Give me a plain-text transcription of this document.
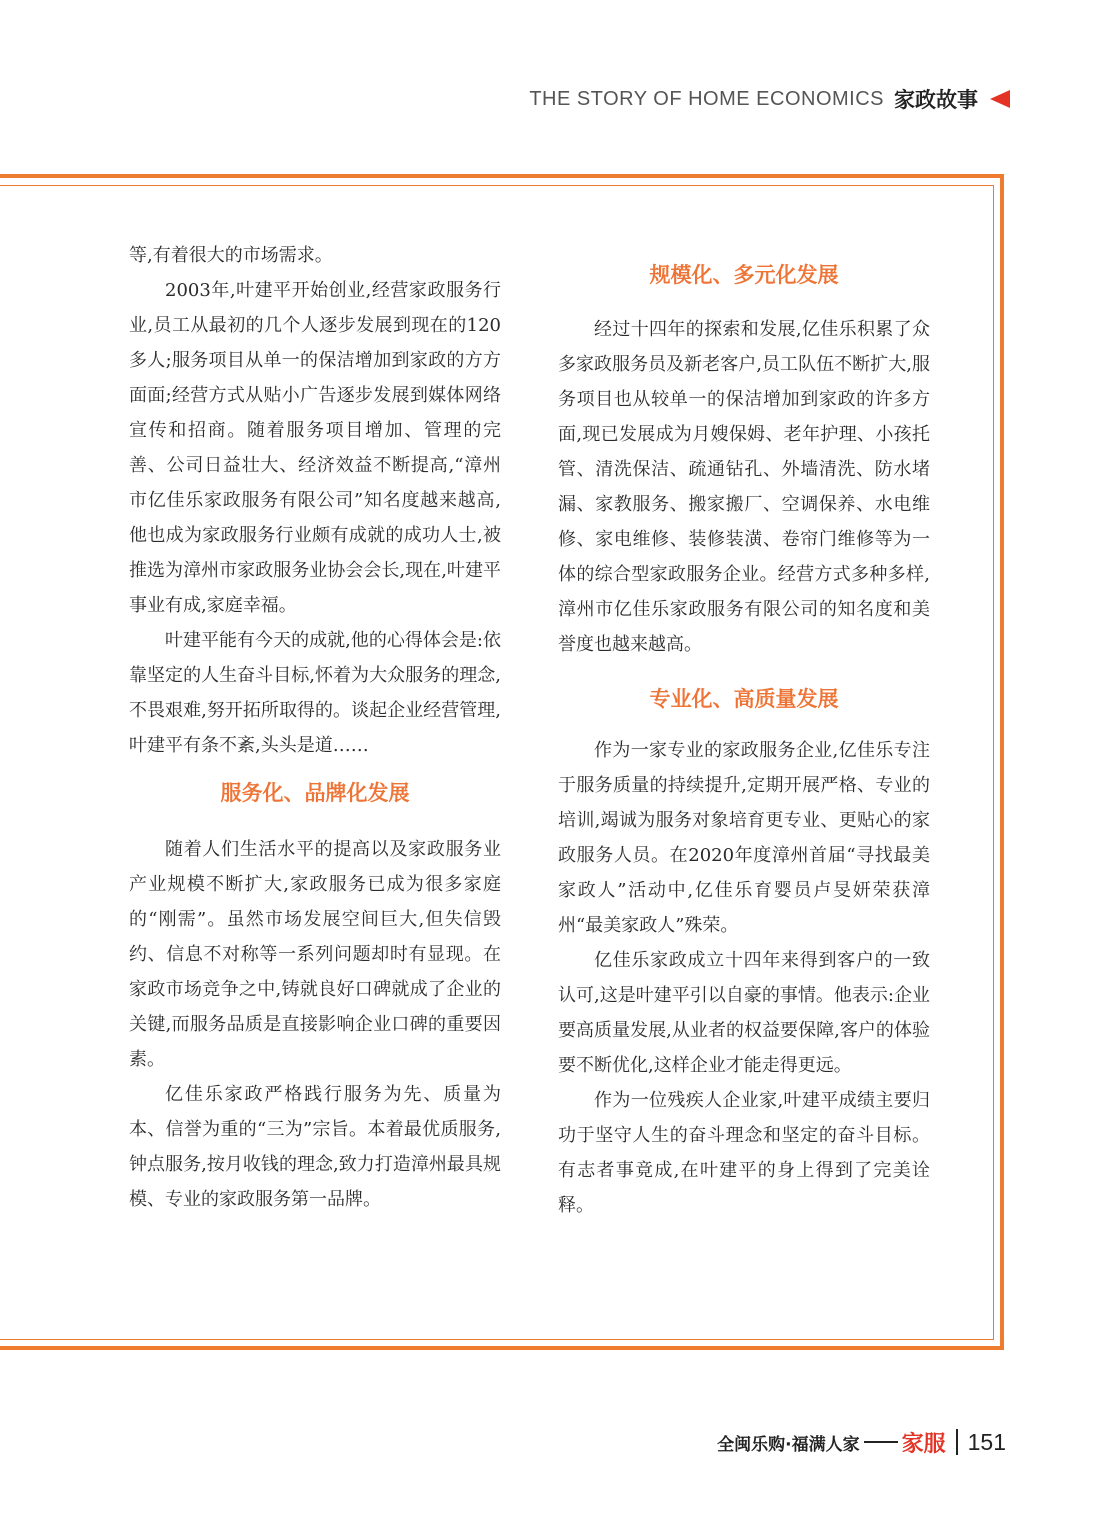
THE STORY OF HOME ECONOMICS 家政故事

等,有着很大的市场需求。

2003年,叶建平开始创业,经营家政服务行业,员工从最初的几个人逐步发展到现在的120多人;服务项目从单一的保洁增加到家政的方方面面;经营方式从贴小广告逐步发展到媒体网络宣传和招商。随着服务项目增加、管理的完善、公司日益壮大、经济效益不断提高,“漳州市亿佳乐家政服务有限公司”知名度越来越高,他也成为家政服务行业颇有成就的成功人士,被推选为漳州市家政服务业协会会长,现在,叶建平事业有成,家庭幸福。

叶建平能有今天的成就,他的心得体会是:依靠坚定的人生奋斗目标,怀着为大众服务的理念,不畏艰难,努开拓所取得的。谈起企业经营管理,叶建平有条不紊,头头是道……

服务化、品牌化发展

随着人们生活水平的提高以及家政服务业产业规模不断扩大,家政服务已成为很多家庭的“刚需”。虽然市场发展空间巨大,但失信毁约、信息不对称等一系列问题却时有显现。在家政市场竞争之中,铸就良好口碑就成了企业的关键,而服务品质是直接影响企业口碑的重要因素。

亿佳乐家政严格践行服务为先、质量为本、信誉为重的“三为”宗旨。本着最优质服务,钟点服务,按月收钱的理念,致力打造漳州最具规模、专业的家政服务第一品牌。

规模化、多元化发展

经过十四年的探索和发展,亿佳乐积累了众多家政服务员及新老客户,员工队伍不断扩大,服务项目也从较单一的保洁增加到家政的许多方面,现已发展成为月嫂保姆、老年护理、小孩托管、清洗保洁、疏通钻孔、外墙清洗、防水堵漏、家教服务、搬家搬厂、空调保养、水电维修、家电维修、装修装潢、卷帘门维修等为一体的综合型家政服务企业。经营方式多种多样,漳州市亿佳乐家政服务有限公司的知名度和美誉度也越来越高。

专业化、高质量发展

作为一家专业的家政服务企业,亿佳乐专注于服务质量的持续提升,定期开展严格、专业的培训,竭诚为服务对象培育更专业、更贴心的家政服务人员。在2020年度漳州首届“寻找最美家政人”活动中,亿佳乐育婴员卢旻妍荣获漳州“最美家政人”殊荣。

亿佳乐家政成立十四年来得到客户的一致认可,这是叶建平引以自豪的事情。他表示:企业要高质量发展,从业者的权益要保障,客户的体验要不断优化,这样企业才能走得更远。

作为一位残疾人企业家,叶建平成绩主要归功于坚守人生的奋斗理念和坚定的奋斗目标。有志者事竟成,在叶建平的身上得到了完美诠释。

全闽乐购·福满人家 家服 151
